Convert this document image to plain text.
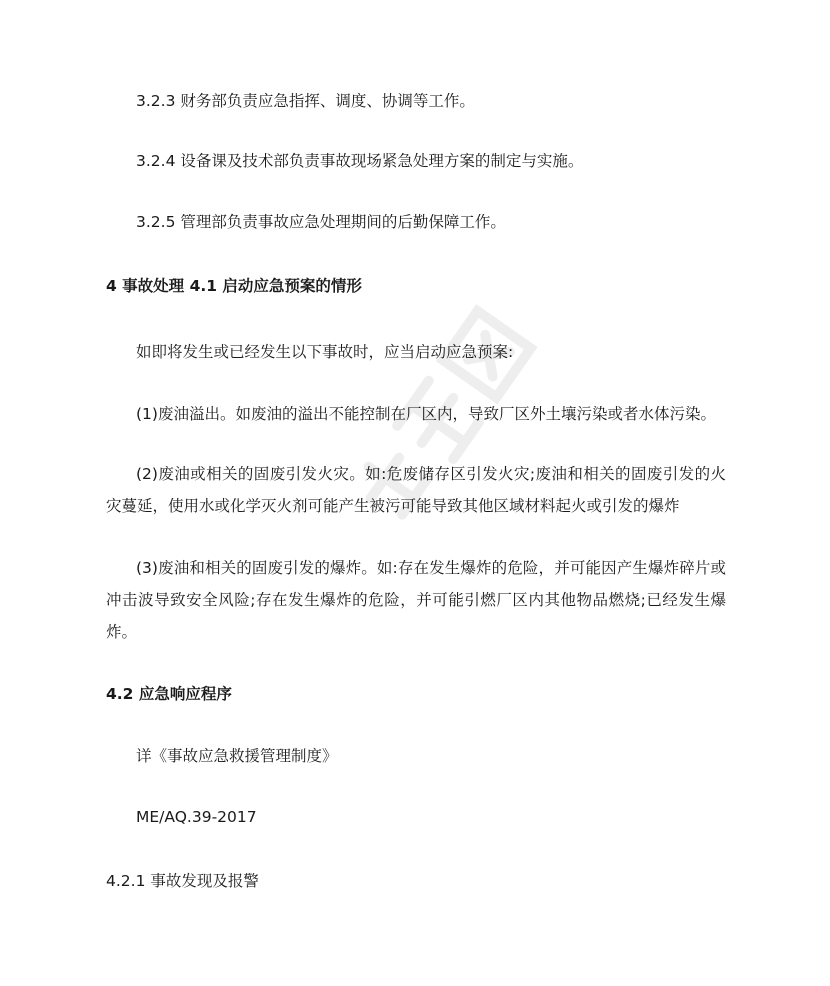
3.2.3 财务部负责应急指挥、调度、协调等工作。

3.2.4 设备课及技术部负责事故现场紧急处理方案的制定与实施。

3.2.5 管理部负责事故应急处理期间的后勤保障工作。

4 事故处理 4.1 启动应急预案的情形

如即将发生或已经发生以下事故时，应当启动应急预案:

(1)废油溢出。如废油的溢出不能控制在厂区内，导致厂区外土壤污染或者水体污染。

(2)废油或相关的固废引发火灾。如:危废储存区引发火灾;废油和相关的固废引发的火灾蔓延，使用水或化学灭火剂可能产生被污可能导致其他区域材料起火或引发的爆炸

(3)废油和相关的固废引发的爆炸。如:存在发生爆炸的危险，并可能因产生爆炸碎片或冲击波导致安全风险;存在发生爆炸的危险，并可能引燃厂区内其他物品燃烧;已经发生爆炸。

4.2 应急响应程序

详《事故应急救援管理制度》

ME/AQ.39-2017

4.2.1 事故发现及报警
